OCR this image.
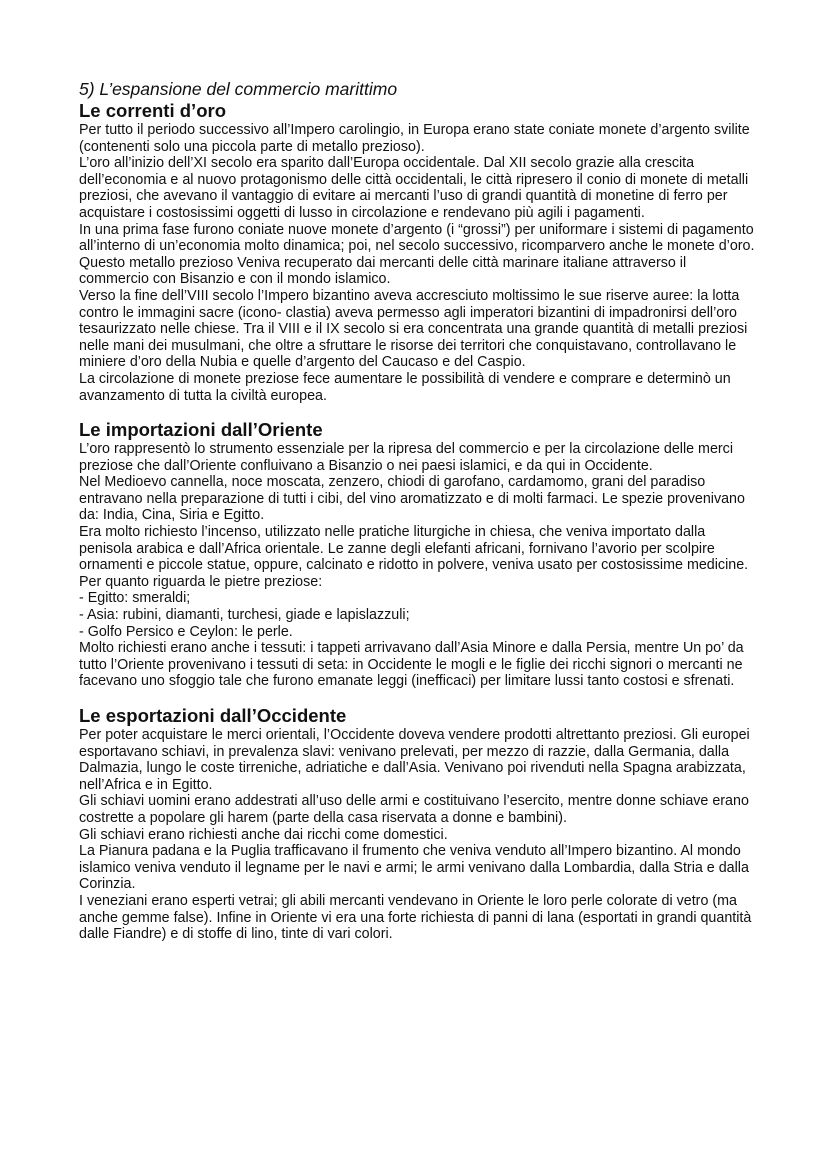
5) L’espansione del commercio marittimo
Le correnti d’oro

Per tutto il periodo successivo all’Impero carolingio, in Europa erano state coniate monete d’argento svilite (contenenti solo una piccola parte di metallo prezioso).

L’oro all’inizio dell’XI secolo era sparito dall’Europa occidentale. Dal XII secolo grazie alla crescita dell’economia e al nuovo protagonismo delle città occidentali, le città ripresero il conio di monete di metalli preziosi, che avevano il vantaggio di evitare ai mercanti l’uso di grandi quantità di monetine di ferro per acquistare i costosissimi oggetti di lusso in circolazione e rendevano più agili i pagamenti.

In una prima fase furono coniate nuove monete d’argento (i “grossi”) per uniformare i sistemi di pagamento all’interno di un’economia molto dinamica; poi, nel secolo successivo, ricomparvero anche le monete d’oro.

Questo metallo prezioso Veniva recuperato dai mercanti delle città marinare italiane attraverso il commercio con Bisanzio e con il mondo islamico.

Verso la fine dell’VIII secolo l’Impero bizantino aveva accresciuto moltissimo le sue riserve auree: la lotta contro le immagini sacre (icono- clastia) aveva permesso agli imperatori bizantini di impadronirsi dell’oro tesaurizzato nelle chiese. Tra il VIII e il IX secolo si era concentrata una grande quantità di metalli preziosi nelle mani dei musulmani, che oltre a sfruttare le risorse dei territori che conquistavano, controllavano le miniere d’oro della Nubia e quelle d’argento del Caucaso e del Caspio.

La circolazione di monete preziose fece aumentare le possibilità di vendere e comprare e determinò un avanzamento di tutta la civiltà europea.

Le importazioni dall’Oriente

L’oro rappresentò lo strumento essenziale per la ripresa del commercio e per la circolazione delle merci preziose che dall’Oriente confluivano a Bisanzio o nei paesi islamici, e da qui in Occidente.

Nel Medioevo cannella, noce moscata, zenzero, chiodi di garofano, cardamomo, grani del paradiso entravano nella preparazione di tutti i cibi, del vino aromatizzato e di molti farmaci. Le spezie provenivano da: India, Cina, Siria e Egitto.

Era molto richiesto l’incenso, utilizzato nelle pratiche liturgiche in chiesa, che veniva importato dalla penisola arabica e dall’Africa orientale. Le zanne degli elefanti africani, fornivano l’avorio per scolpire ornamenti e piccole statue, oppure, calcinato e ridotto in polvere, veniva usato per costosissime medicine.

Per quanto riguarda le pietre preziose:

- Egitto: smeraldi;

- Asia: rubini, diamanti, turchesi, giade e lapislazzuli;

- Golfo Persico e Ceylon: le perle.

Molto richiesti erano anche i tessuti: i tappeti arrivavano dall’Asia Minore e dalla Persia, mentre Un po’ da tutto l’Oriente provenivano i tessuti di seta: in Occidente le mogli e le figlie dei ricchi signori o mercanti ne facevano uno sfoggio tale che furono emanate leggi (inefficaci) per limitare lussi tanto costosi e sfrenati.

Le esportazioni dall’Occidente

Per poter acquistare le merci orientali, l’Occidente doveva vendere prodotti altrettanto preziosi. Gli europei esportavano schiavi, in prevalenza slavi: venivano prelevati, per mezzo di razzie, dalla Germania, dalla Dalmazia, lungo le coste tirreniche, adriatiche e dall’Asia. Venivano poi rivenduti nella Spagna arabizzata, nell’Africa e in Egitto.

Gli schiavi uomini erano addestrati all’uso delle armi e costituivano l’esercito, mentre donne schiave erano costrette a popolare gli harem (parte della casa riservata a donne e bambini).

Gli schiavi erano richiesti anche dai ricchi come domestici.

La Pianura padana e la Puglia trafficavano il frumento che veniva venduto all’Impero bizantino. Al mondo islamico veniva venduto il legname per le navi e armi; le armi venivano dalla Lombardia, dalla Stria e dalla Corinzia.

I veneziani erano esperti vetrai; gli abili mercanti vendevano in Oriente le loro perle colorate di vetro (ma anche gemme false). Infine in Oriente vi era una forte richiesta di panni di lana (esportati in grandi quantità dalle Fiandre) e di stoffe di lino, tinte di vari colori.
